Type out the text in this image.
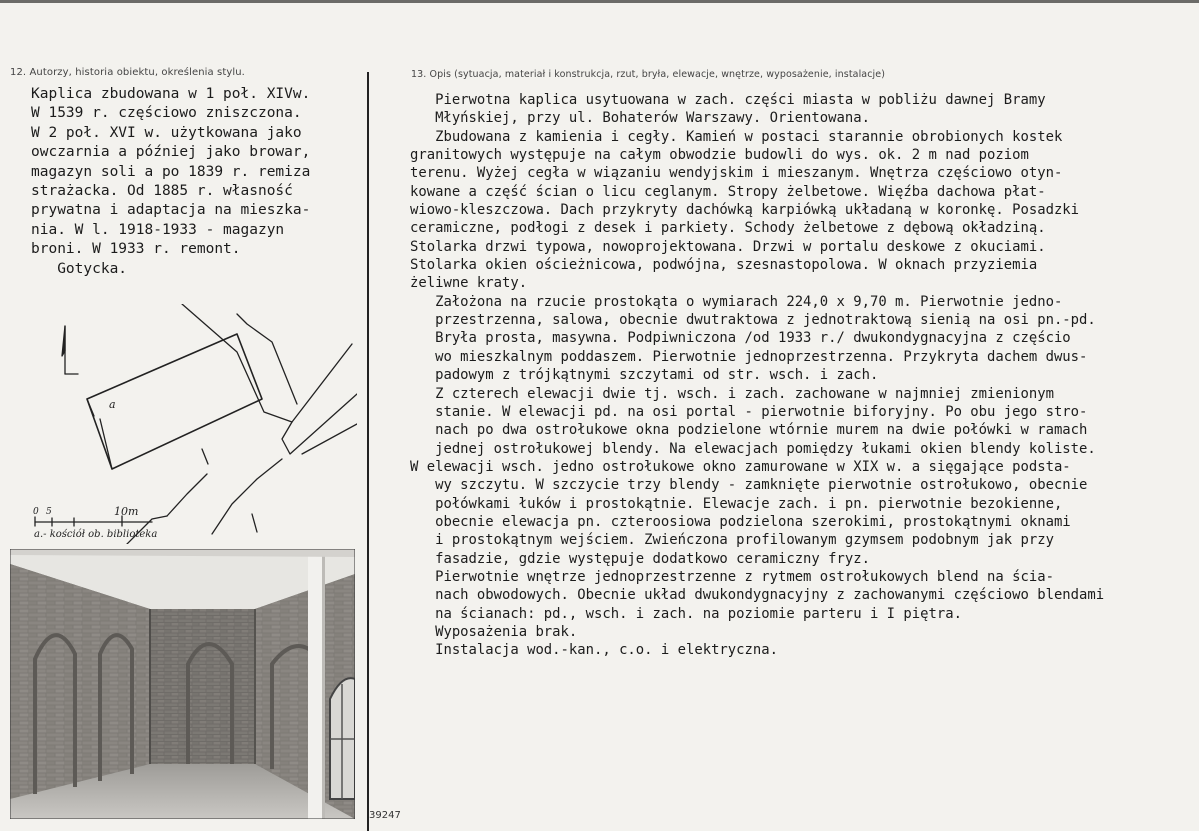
12. Autorzy, historia obiektu, określenia stylu.	13. Opis (sytuacja, materiał i konstrukcja, rzut, bryła, elewacje, wnętrze, wyposażenie, instalacje)
Kaplica zbudowana w 1 poł. XIVw.
W 1539 r. częściowo zniszczona.
W 2 poł. XVI w. użytkowana jako
owczarnia a później jako browar,
magazyn soli a po 1839 r. remiza
strażacka. Od 1885 r. własność
prywatna i adaptacja na mieszka-
nia. W l. 1918-1933 - magazyn
broni. W 1933 r. remont.
Gotycka.
a
0 5	10m
a.- kościół ob. biblioteka
Pierwotna kaplica usytuowana w zach. części miasta w pobliżu dawnej Bramy
Młyńskiej, przy ul. Bohaterów Warszawy. Orientowana.
Zbudowana z kamienia i cegły. Kamień w postaci starannie obrobionych kostek
granitowych występuje na całym obwodzie budowli do wys. ok. 2 m nad poziom
terenu. Wyżej cegła w wiązaniu wendyjskim i mieszanym. Wnętrza częściowo otyn-
kowane a część ścian o licu ceglanym. Stropy żelbetowe. Więźba dachowa płat-
wiowo-kleszczowa. Dach przykryty dachówką karpiówką układaną w koronkę. Posadzki
ceramiczne, podłogi z desek i parkiety. Schody żelbetowe z dębową okładziną.
Stolarka drzwi typowa, nowoprojektowana. Drzwi w portalu deskowe z okuciami.
Stolarka okien ościeżnicowa, podwójna, szesnastopolowa. W oknach przyziemia
żeliwne kraty.
Założona na rzucie prostokąta o wymiarach 224,0 x 9,70 m. Pierwotnie jedno-
przestrzenna, salowa, obecnie dwutraktowa z jednotraktową sienią na osi pn.-pd.
Bryła prosta, masywna. Podpiwniczona /od 1933 r./ dwukondygnacyjna z częścio
wo mieszkalnym poddaszem. Pierwotnie jednoprzestrzenna. Przykryta dachem dwus-
padowym z trójkątnymi szczytami od str. wsch. i zach.
Z czterech elewacji dwie tj. wsch. i zach. zachowane w najmniej zmienionym
stanie. W elewacji pd. na osi portal - pierwotnie biforyjny. Po obu jego stro-
nach po dwa ostrołukowe okna podzielone wtórnie murem na dwie połówki w ramach
jednej ostrołukowej blendy. Na elewacjach pomiędzy łukami okien blendy koliste.
W elewacji wsch. jedno ostrołukowe okno zamurowane w XIX w. a sięgające podsta-
wy szczytu. W szczycie trzy blendy - zamknięte pierwotnie ostrołukowo, obecnie
połówkami łuków i prostokątnie. Elewacje zach. i pn. pierwotnie bezokienne,
obecnie elewacja pn. czteroosiowa podzielona szerokimi, prostokątnymi oknami
i prostokątnym wejściem. Zwieńczona profilowanym gzymsem podobnym jak przy
fasadzie, gdzie występuje dodatkowo ceramiczny fryz.
Pierwotnie wnętrze jednoprzestrzenne z rytmem ostrołukowych blend na ścia-
nach obwodowych. Obecnie układ dwukondygnacyjny z zachowanymi częściowo blendami
na ścianach: pd., wsch. i zach. na poziomie parteru i I piętra.
Wyposażenia brak.
Instalacja wod.-kan., c.o. i elektryczna.
39247
